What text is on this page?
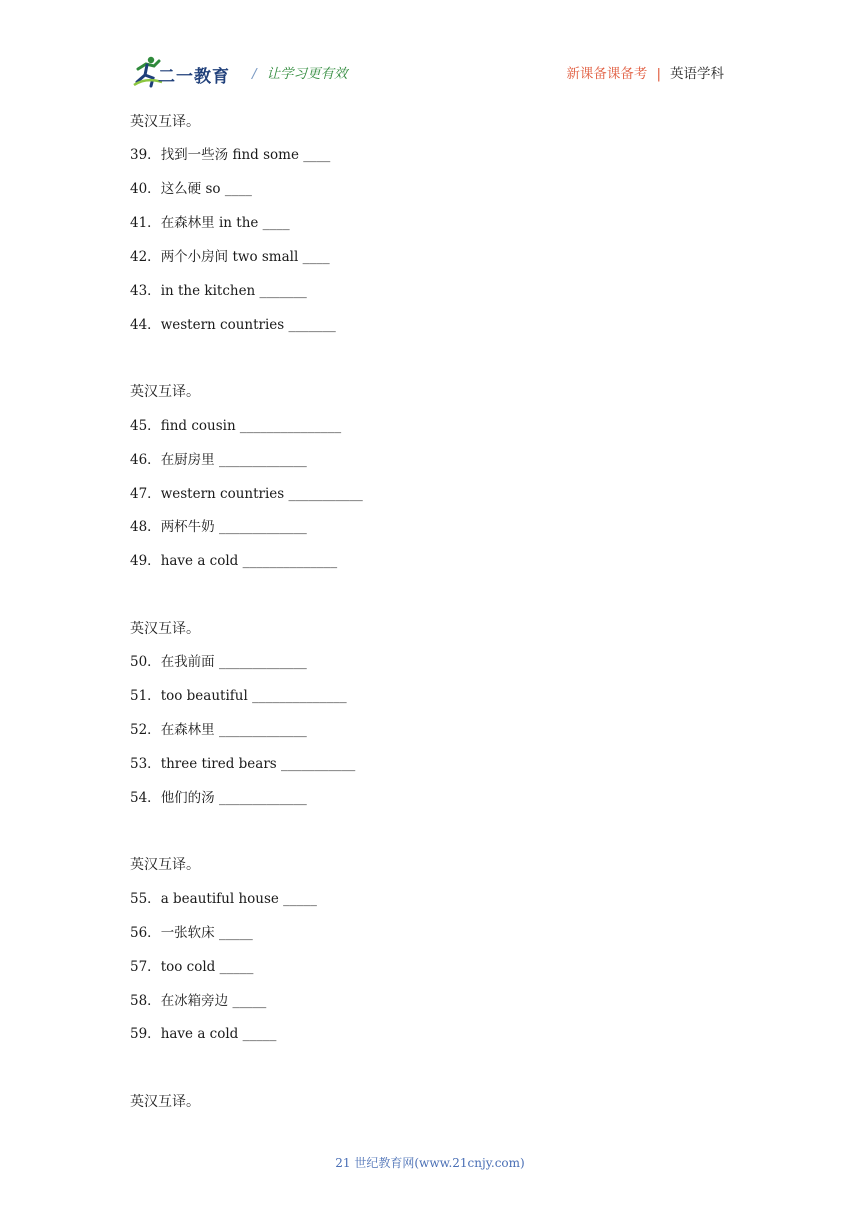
二一教育 / 让学习更有效	新课备课备考 | 英语学科
英汉互译。
39．找到一些汤 find some ____
40．这么硬 so ____
41．在森林里 in the ____
42．两个小房间 two small ____
43．in the kitchen _______
44．western countries _______
英汉互译。
45．find cousin _______________
46．在厨房里 _____________
47．western countries ___________
48．两杯牛奶 _____________
49．have a cold ______________
英汉互译。
50．在我前面 _____________
51．too beautiful ______________
52．在森林里 _____________
53．three tired bears ___________
54．他们的汤 _____________
英汉互译。
55．a beautiful house _____
56．一张软床 _____
57．too cold _____
58．在冰箱旁边 _____
59．have a cold _____
英汉互译。
21 世纪教育网(www.21cnjy.com)
